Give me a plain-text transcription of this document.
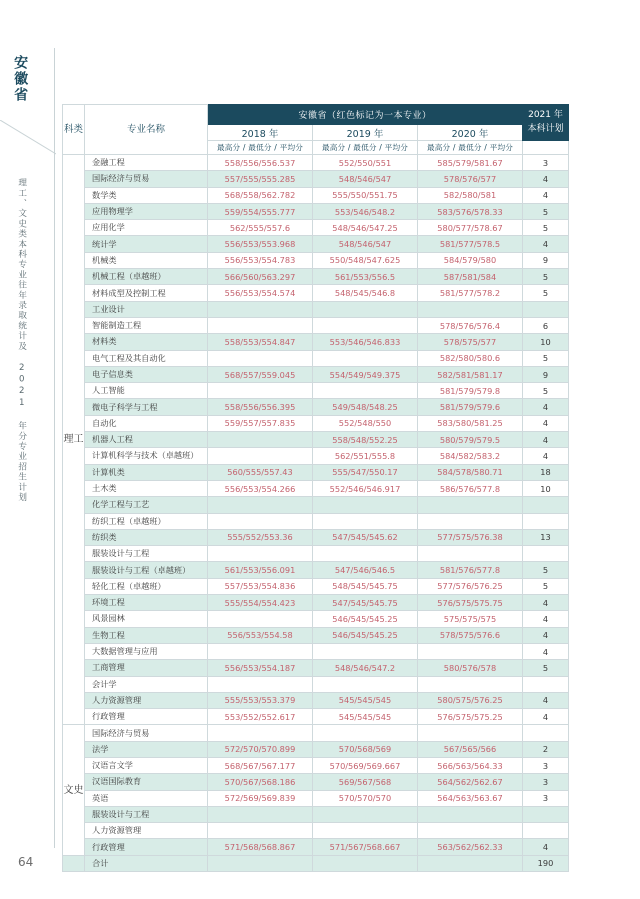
安徽省
理工、文史类本科专业往年录取统计及 2021 年分专业招生计划
64
科类	专业名称	安徽省（红色标记为一本专业）			2021 年
本科计划

		2018 年	2019 年	2020 年	
		最高分 / 最低分 / 平均分	最高分 / 最低分 / 平均分	最高分 / 最低分 / 平均分	
理工	金融工程	558/556/556.537	552/550/551	585/579/581.67	3
	国际经济与贸易	557/555/555.285	548/546/547	578/576/577	4
	数学类	568/558/562.782	555/550/551.75	582/580/581	4
	应用物理学	559/554/555.777	553/546/548.2	583/576/578.33	5
	应用化学	562/555/557.6	548/546/547.25	580/577/578.67	5
	统计学	556/553/553.968	548/546/547	581/577/578.5	4
	机械类	556/553/554.783	550/548/547.625	584/579/580	9
	机械工程（卓越班）	566/560/563.297	561/553/556.5	587/581/584	5
	材料成型及控制工程	556/553/554.574	548/545/546.8	581/577/578.2	5
	工业设计				
	智能制造工程			578/576/576.4	6
	材料类	558/553/554.847	553/546/546.833	578/575/577	10
	电气工程及其自动化			582/580/580.6	5
	电子信息类	568/557/559.045	554/549/549.375	582/581/581.17	9
	人工智能			581/579/579.8	5
	微电子科学与工程	558/556/556.395	549/548/548.25	581/579/579.6	4
	自动化	559/557/557.835	552/548/550	583/580/581.25	4
	机器人工程		558/548/552.25	580/579/579.5	4
	计算机科学与技术（卓越班）		562/551/555.8	584/582/583.2	4
	计算机类	560/555/557.43	555/547/550.17	584/578/580.71	18
	土木类	556/553/554.266	552/546/546.917	586/576/577.8	10
	化学工程与工艺				
	纺织工程（卓越班）				
	纺织类	555/552/553.36	547/545/545.62	577/575/576.38	13
	服装设计与工程				
	服装设计与工程（卓越班）	561/553/556.091	547/546/546.5	581/576/577.8	5
	轻化工程（卓越班）	557/553/554.836	548/545/545.75	577/576/576.25	5
	环境工程	555/554/554.423	547/545/545.75	576/575/575.75	4
	风景园林		546/545/545.25	575/575/575	4
	生物工程	556/553/554.58	546/545/545.25	578/575/576.6	4
	大数据管理与应用				4
	工商管理	556/553/554.187	548/546/547.2	580/576/578	5
	会计学				
	人力资源管理	555/553/553.379	545/545/545	580/575/576.25	4
	行政管理	553/552/552.617	545/545/545	576/575/575.25	4
文史	国际经济与贸易				
	法学	572/570/570.899	570/568/569	567/565/566	2
	汉语言文学	568/567/567.177	570/569/569.667	566/563/564.33	3
	汉语国际教育	570/567/568.186	569/567/568	564/562/562.67	3
	英语	572/569/569.839	570/570/570	564/563/563.67	3
	服装设计与工程				
	人力资源管理				
	行政管理	571/568/568.867	571/567/568.667	563/562/562.33	4
	合计				190
